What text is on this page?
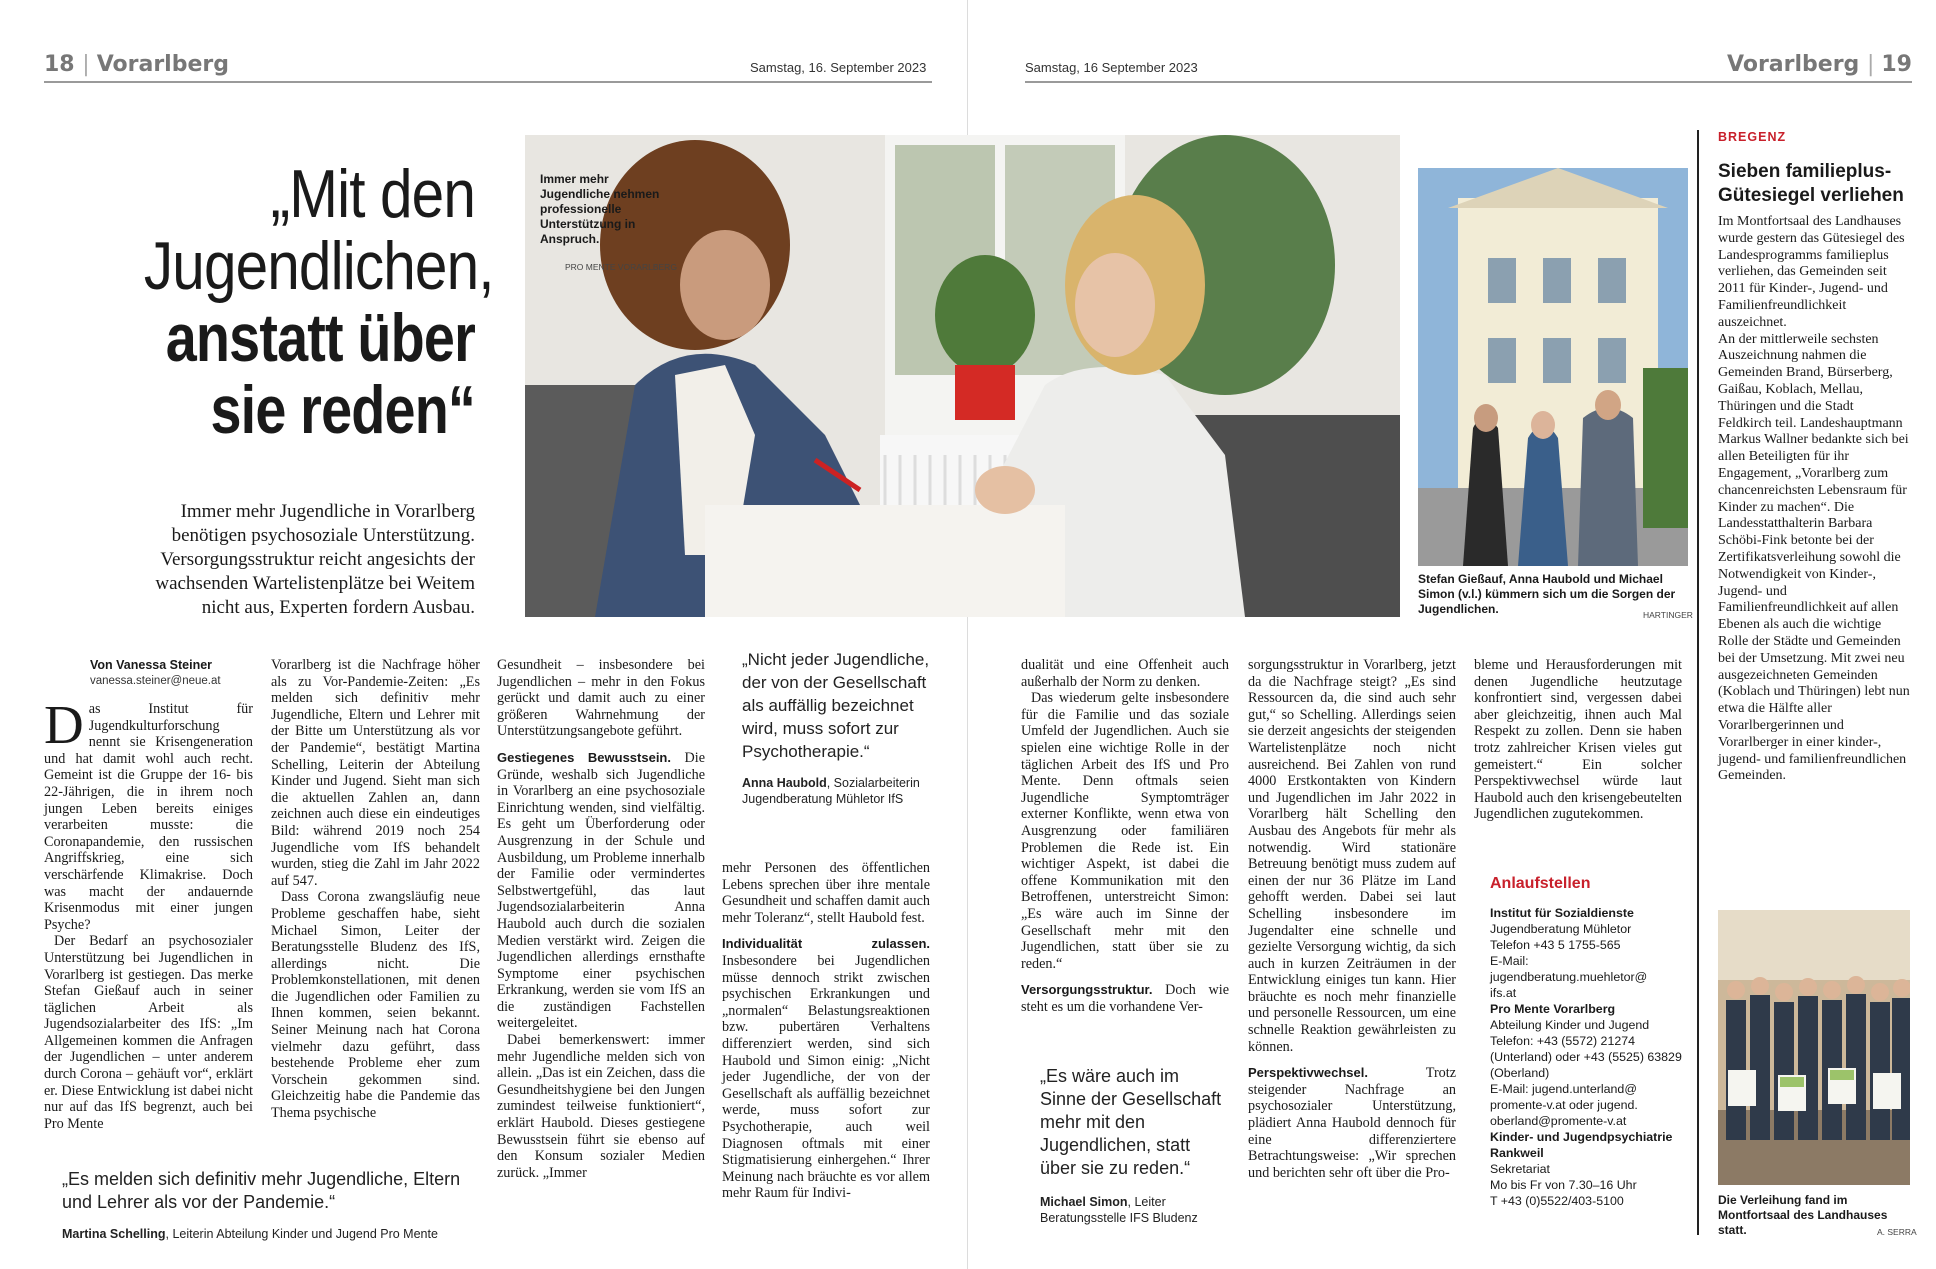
18 | Vorarlberg	Samstag, 16. September 2023	Samstag, 16 September 2023	Vorarlberg | 19
„Mit den
Jugendlichen,
anstatt über
sie reden“
Immer mehr Jugendliche in Vorarlberg benötigen psychosoziale Unterstützung. Versorgungsstruktur reicht angesichts der wachsenden Wartelistenplätze bei Weitem nicht aus, Experten fordern Ausbau.
Immer mehr Jugendliche nehmen professionelle Unterstützung in Anspruch.
PRO MENTE VORARLBERG
Stefan Gießauf, Anna Haubold und Michael Simon (v.l.) kümmern sich um die Sorgen der Jugendlichen.	HARTINGER
Von Vanessa Steiner
vanessa.steiner@neue.at

Das Institut für Jugendkulturforschung nennt sie Krisengeneration und hat damit wohl auch recht. Gemeint ist die Gruppe der 16- bis 22-Jährigen, die in ihrem noch jungen Leben bereits einiges verarbeiten musste: die Coronapandemie, den russischen Angriffskrieg, eine sich verschärfende Klimakrise. Doch was macht der andauernde Krisenmodus mit einer jungen Psyche?

Der Bedarf an psychosozialer Unterstützung bei Jugendlichen in Vorarlberg ist gestiegen. Das merke Stefan Gießauf auch in seiner täglichen Arbeit als Jugendsozialarbeiter des IfS: „Im Allgemeinen kommen die Anfragen der Jugendlichen – unter anderem durch Corona – gehäuft vor“, erklärt er. Diese Entwicklung ist dabei nicht nur auf das IfS begrenzt, auch bei Pro Mente

Vorarlberg ist die Nachfrage höher als zu Vor-Pandemie-Zeiten: „Es melden sich definitiv mehr Jugendliche, Eltern und Lehrer mit der Bitte um Unterstützung als vor der Pandemie“, bestätigt Martina Schelling, Leiterin der Abteilung Kinder und Jugend. Sieht man sich die aktuellen Zahlen an, dann zeichnen auch diese ein eindeutiges Bild: während 2019 noch 254 Jugendliche vom IfS behandelt wurden, stieg die Zahl im Jahr 2022 auf 547.

Dass Corona zwangsläufig neue Probleme geschaffen habe, sieht Michael Simon, Leiter der Beratungsstelle Bludenz des IfS, allerdings nicht. Die Problemkonstellationen, mit denen die Jugendlichen oder Familien zu Ihnen kommen, seien bekannt. Seiner Meinung nach hat Corona vielmehr dazu geführt, dass bestehende Probleme eher zum Vorschein gekommen sind. Gleichzeitig habe die Pandemie das Thema psychische

Gesundheit – insbesondere bei Jugendlichen – mehr in den Fokus gerückt und damit auch zu einer größeren Wahrnehmung der Unterstützungsangebote geführt.

Gestiegenes Bewusstsein. Die Gründe, weshalb sich Jugendliche in Vorarlberg an eine psychosoziale Einrichtung wenden, sind vielfältig. Es geht um Überforderung oder Ausgrenzung in der Schule und Ausbildung, um Probleme innerhalb der Familie oder vermindertes Selbstwertgefühl, das laut Jugendsozialarbeiterin Anna Haubold auch durch die sozialen Medien verstärkt wird. Zeigen die Jugendlichen allerdings ernsthafte Symptome einer psychischen Erkrankung, werden sie vom IfS an die zuständigen Fachstellen weitergeleitet.

Dabei bemerkenswert: immer mehr Jugendliche melden sich von allein. „Das ist ein Zeichen, dass die Gesundheitshygiene bei den Jungen zumindest teilweise funktioniert“, erklärt Haubold. Dieses gestiegene Bewusstsein führt sie ebenso auf den Konsum sozialer Medien zurück. „Immer

„Nicht jeder Jugendliche, der von der Gesellschaft als auffällig bezeichnet wird, muss sofort zur Psychotherapie.“
Anna Haubold, Sozialarbeiterin Jugendberatung Mühletor IfS

mehr Personen des öffentlichen Lebens sprechen über ihre mentale Gesundheit und schaffen damit auch mehr Toleranz“, stellt Haubold fest.

Individualität zulassen. Insbesondere bei Jugendlichen müsse dennoch strikt zwischen psychischen Erkrankungen und „normalen“ Belastungsreaktionen bzw. pubertären Verhaltens differenziert werden, sind sich Haubold und Simon einig: „Nicht jeder Jugendliche, der von der Gesellschaft als auffällig bezeichnet werde, muss sofort zur Psychotherapie, auch weil Diagnosen oftmals mit einer Stigmatisierung einhergehen.“ Ihrer Meinung nach bräuchte es vor allem mehr Raum für Indivi-

„Es melden sich definitiv mehr Jugendliche, Eltern und Lehrer als vor der Pandemie.“
Martina Schelling, Leiterin Abteilung Kinder und Jugend Pro Mente

dualität und eine Offenheit auch außerhalb der Norm zu denken.

Das wiederum gelte insbesondere für die Familie und das soziale Umfeld der Jugendlichen. Auch sie spielen eine wichtige Rolle in der täglichen Arbeit des IfS und Pro Mente. Denn oftmals seien Jugendliche Symptomträger externer Konflikte, wenn etwa von Ausgrenzung oder familiären Problemen die Rede ist. Ein wichtiger Aspekt, ist dabei die offene Kommunikation mit den Betroffenen, unterstreicht Simon: „Es wäre auch im Sinne der Gesellschaft mehr mit den Jugendlichen, statt über sie zu reden.“

Versorgungsstruktur. Doch wie steht es um die vorhandene Ver-

„Es wäre auch im Sinne der Gesellschaft mehr mit den Jugendlichen, statt über sie zu reden.“
Michael Simon, Leiter Beratungsstelle IFS Bludenz

sorgungsstruktur in Vorarlberg, jetzt da die Nachfrage steigt? „Es sind Ressourcen da, die sind auch sehr gut,“ so Schelling. Allerdings seien sie derzeit angesichts der steigenden Wartelistenplätze noch nicht ausreichend. Bei Zahlen von rund 4000 Erstkontakten von Kindern und Jugendlichen im Jahr 2022 in Vorarlberg hält Schelling den Ausbau des Angebots für mehr als notwendig. Wird stationäre Betreuung benötigt muss zudem auf einen der nur 36 Plätze im Land gehofft werden. Dabei sei laut Schelling insbesondere im Jugendalter eine schnelle und gezielte Versorgung wichtig, da sich auch in kurzen Zeiträumen in der Entwicklung einiges tun kann. Hier bräuchte es noch mehr finanzielle und personelle Ressourcen, um eine schnelle Reaktion gewährleisten zu können.

Perspektivwechsel. Trotz steigender Nachfrage an psychosozialer Unterstützung, plädiert Anna Haubold dennoch für eine differenziertere Betrachtungsweise: „Wir sprechen und berichten sehr oft über die Pro-

bleme und Herausforderungen mit denen Jugendliche heutzutage konfrontiert sind, vergessen dabei aber gleichzeitig, ihnen auch Mal Respekt zu zollen. Denn sie haben trotz zahlreicher Krisen vieles gut gemeistert.“ Ein solcher Perspektivwechsel würde laut Haubold auch den krisengebeutelten Jugendlichen zugutekommen.

Anlaufstellen
Institut für Sozialdienste
Jugendberatung Mühletor
Telefon +43 5 1755-565
E-Mail:
jugendberatung.muehletor@
ifs.at
Pro Mente Vorarlberg
Abteilung Kinder und Jugend
Telefon: +43 (5572) 21274 (Unterland) oder +43 (5525) 63829 (Oberland)
E-Mail: jugend.unterland@
promente-v.at oder jugend.
oberland@promente-v.at
Kinder- und Jugendpsychiatrie Rankweil
Sekretariat
Mo bis Fr von 7.30–16 Uhr
T +43 (0)5522/403-5100
BREGENZ
Sieben familieplus-Gütesiegel verliehen

Im Montfortsaal des Landhauses wurde gestern das Gütesiegel des Landesprogramms familieplus verliehen, das Gemeinden seit 2011 für Kinder-, Jugend- und Familienfreundlichkeit auszeichnet.

An der mittlerweile sechsten Auszeichnung nahmen die Gemeinden Brand, Bürserberg, Gaißau, Koblach, Mellau, Thüringen und die Stadt Feldkirch teil. Landeshauptmann Markus Wallner bedankte sich bei allen Beteiligten für ihr Engagement, „Vorarlberg zum chancenreichsten Lebensraum für Kinder zu machen“. Die Landesstatthalterin Barbara Schöbi-Fink betonte bei der Zertifikatsverleihung sowohl die Notwendigkeit von Kinder-, Jugend- und Familienfreundlichkeit auf allen Ebenen als auch die wichtige Rolle der Städte und Gemeinden bei der Umsetzung. Mit zwei neu ausgezeichneten Gemeinden (Koblach und Thüringen) lebt nun etwa die Hälfte aller Vorarlbergerinnen und Vorarlberger in einer kinder-, jugend- und familienfreundlichen Gemeinden.

Die Verleihung fand im Montfortsaal des Landhauses statt.	A. SERRA
